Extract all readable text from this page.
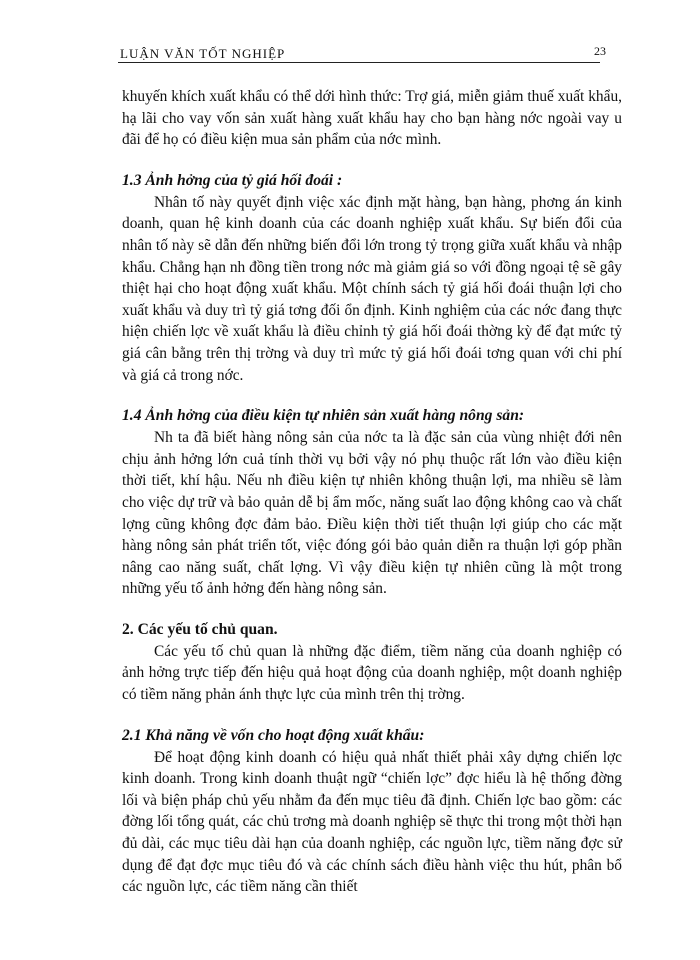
LUẬN VĂN TỐT NGHIỆP	23

khuyến khích xuất khẩu có thể dới hình thức: Trợ giá, miễn giảm thuế xuất khẩu, hạ lãi cho vay vốn sản xuất hàng xuất khẩu hay cho bạn hàng nớc ngoài vay u đãi để họ có điều kiện mua sản phẩm của nớc mình.

1.3 Ảnh hởng của tỷ giá hối đoái :

Nhân tố này quyết định việc xác định mặt hàng, bạn hàng, phơng án kinh doanh, quan hệ kinh doanh của các doanh nghiệp xuất khẩu. Sự biến đổi của nhân tố này sẽ dẫn đến những biến đổi lớn trong tỷ trọng giữa xuất khẩu và nhập khẩu. Chẳng hạn nh đồng tiền trong nớc mà giảm giá so với đồng ngoại tệ sẽ gây thiệt hại cho hoạt động xuất khẩu. Một chính sách tỷ giá hối đoái thuận lợi cho xuất khẩu và duy trì tỷ giá tơng đối ổn định. Kinh nghiệm của các nớc đang thực hiện chiến lợc về xuất khẩu là điều chỉnh tỷ giá hối đoái thờng kỳ để đạt mức tỷ giá cân bằng trên thị trờng và duy trì mức tỷ giá hối đoái tơng quan với chi phí và giá cả trong nớc.

1.4 Ảnh hởng của điều kiện tự nhiên sản xuất hàng nông sản:

Nh ta đã biết hàng nông sản của nớc ta là đặc sản của vùng nhiệt đới nên chịu ảnh hởng lớn cuả tính thời vụ bởi vậy nó phụ thuộc rất lớn vào điều kiện thời tiết, khí hậu. Nếu nh điều kiện tự nhiên không thuận lợi, ma nhiều sẽ làm cho việc dự trữ và bảo quản dễ bị ẩm mốc, năng suất lao động không cao và chất lợng cũng không đợc đảm bảo. Điều kiện thời tiết thuận lợi giúp cho các mặt hàng nông sản phát triển tốt, việc đóng gói bảo quản diễn ra thuận lợi góp phần nâng cao năng suất, chất lợng. Vì vậy điều kiện tự nhiên cũng là một trong những yếu tố ảnh hởng đến hàng nông sản.

2. Các yếu tố chủ quan.

Các yếu tố chủ quan là những đặc điểm, tiềm năng của doanh nghiệp có ảnh hởng trực tiếp đến hiệu quả hoạt động của doanh nghiệp, một doanh nghiệp có tiềm năng phản ánh thực lực của mình trên thị trờng.

2.1 Khả năng về vốn cho hoạt động xuất khẩu:

Để hoạt động kinh doanh có hiệu quả nhất thiết phải xây dựng chiến lợc kinh doanh. Trong kinh doanh thuật ngữ “chiến lợc” đợc hiểu là hệ thống đờng lối và biện pháp chủ yếu nhằm đa đến mục tiêu đã định. Chiến lợc bao gồm: các đờng lối tổng quát, các chủ trơng mà doanh nghiệp sẽ thực thi trong một thời hạn đủ dài, các mục tiêu dài hạn của doanh nghiệp, các nguồn lực, tiềm năng đợc sử dụng để đạt đợc mục tiêu đó và các chính sách điều hành việc thu hút, phân bổ các nguồn lực, các tiềm năng cần thiết
